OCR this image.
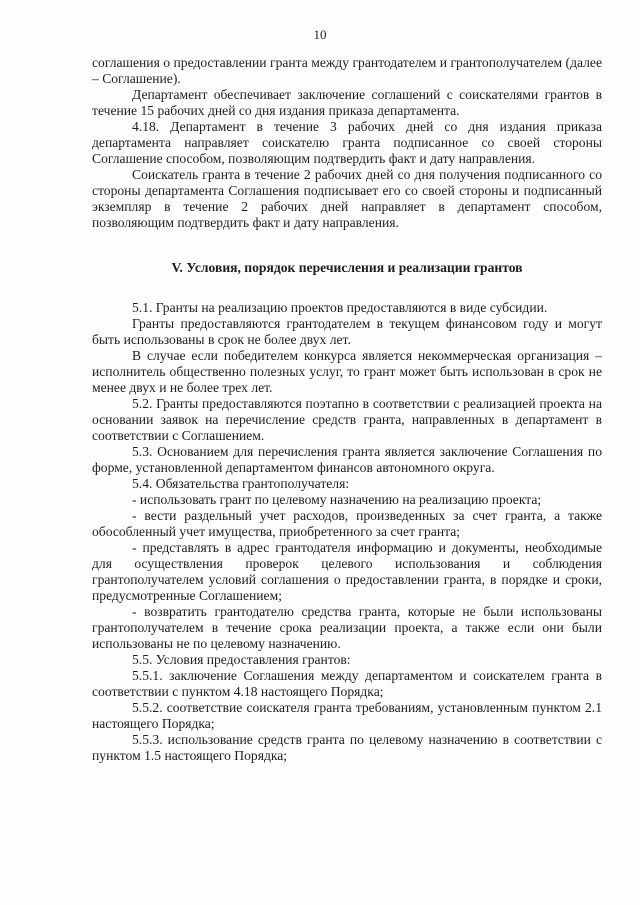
10

соглашения о предоставлении гранта между грантодателем и грантополучателем (далее – Соглашение).

Департамент обеспечивает заключение соглашений с соискателями грантов в течение 15 рабочих дней со дня издания приказа департамента.

4.18. Департамент в течение 3 рабочих дней со дня издания приказа департамента направляет соискателю гранта подписанное со своей стороны Соглашение способом, позволяющим подтвердить факт и дату направления.

Соискатель гранта в течение 2 рабочих дней со дня получения подписанного со стороны департамента Соглашения подписывает его со своей стороны и подписанный экземпляр в течение 2 рабочих дней направляет в департамент способом, позволяющим подтвердить факт и дату направления.

V. Условия, порядок перечисления и реализации грантов

5.1. Гранты на реализацию проектов предоставляются в виде субсидии.

Гранты предоставляются грантодателем в текущем финансовом году и могут быть использованы в срок не более двух лет.

В случае если победителем конкурса является некоммерческая организация – исполнитель общественно полезных услуг, то грант может быть использован в срок не менее двух и не более трех лет.

5.2. Гранты предоставляются поэтапно в соответствии с реализацией проекта на основании заявок на перечисление средств гранта, направленных в департамент в соответствии с Соглашением.

5.3. Основанием для перечисления гранта является заключение Соглашения по форме, установленной департаментом финансов автономного округа.

5.4. Обязательства грантополучателя:

- использовать грант по целевому назначению на реализацию проекта;

- вести раздельный учет расходов, произведенных за счет гранта, а также обособленный учет имущества, приобретенного за счет гранта;

- представлять в адрес грантодателя информацию и документы, необходимые для осуществления проверок целевого использования и соблюдения грантополучателем условий соглашения о предоставлении гранта, в порядке и сроки, предусмотренные Соглашением;

- возвратить грантодателю средства гранта, которые не были использованы грантополучателем в течение срока реализации проекта, а также если они были использованы не по целевому назначению.

5.5. Условия предоставления грантов:

5.5.1. заключение Соглашения между департаментом и соискателем гранта в соответствии с пунктом 4.18 настоящего Порядка;

5.5.2. соответствие соискателя гранта требованиям, установленным пунктом 2.1 настоящего Порядка;

5.5.3. использование средств гранта по целевому назначению в соответствии с пунктом 1.5 настоящего Порядка;
